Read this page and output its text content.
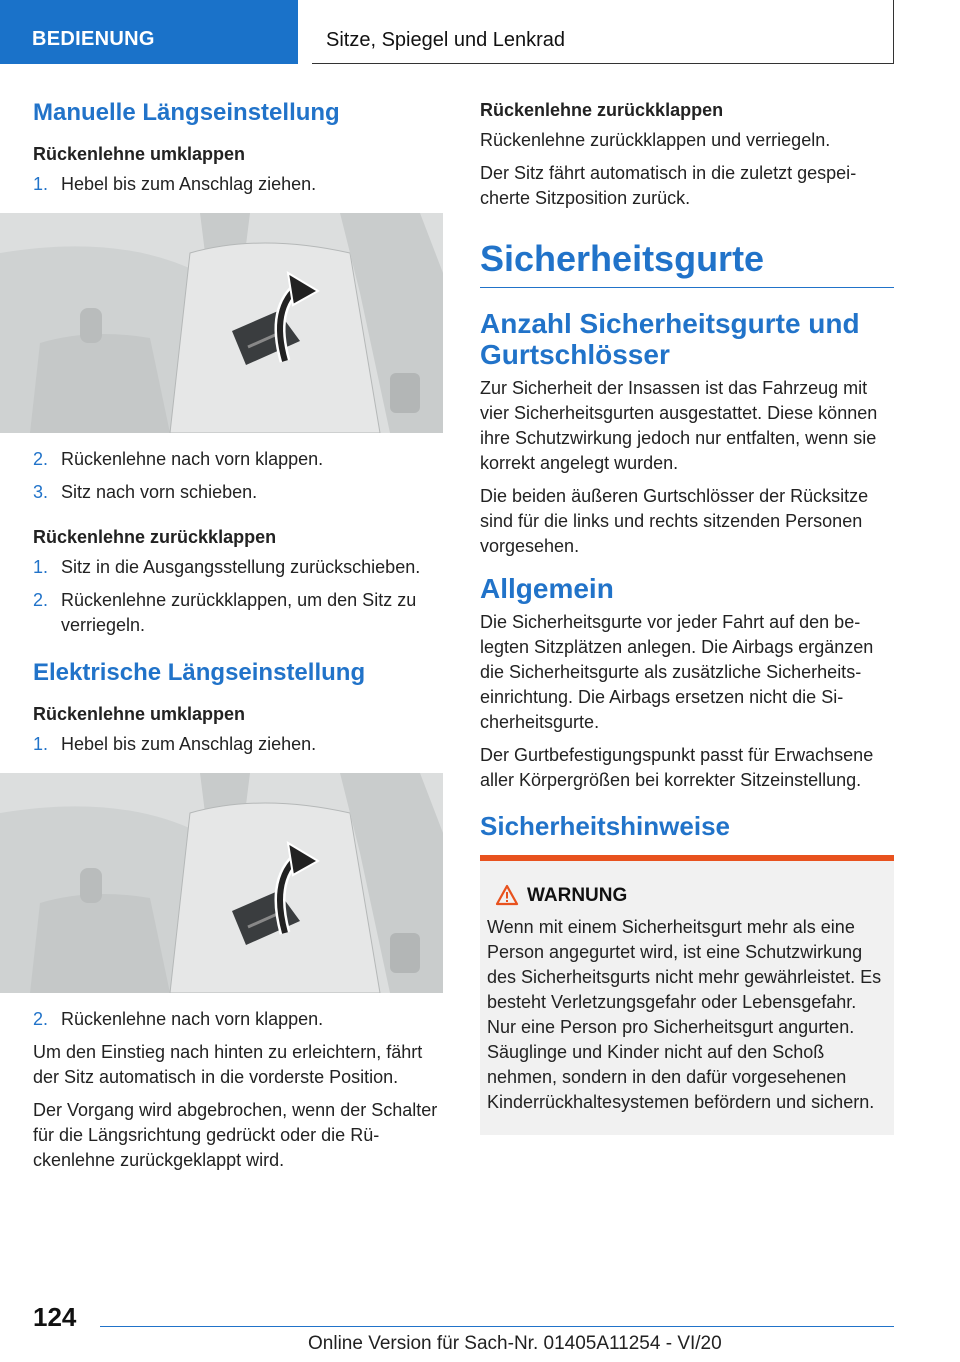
BEDIENUNG	Sitze, Spiegel und Lenkrad
Manuelle Längseinstellung
Rückenlehne umklappen
1. Hebel bis zum Anschlag ziehen.
2. Rückenlehne nach vorn klappen.
3. Sitz nach vorn schieben.
Rückenlehne zurückklappen
1. Sitz in die Ausgangsstellung zurückschieben.
2. Rückenlehne zurückklappen, um den Sitz zu verriegeln.
Elektrische Längseinstellung
Rückenlehne umklappen
1. Hebel bis zum Anschlag ziehen.
2. Rückenlehne nach vorn klappen.

Um den Einstieg nach hinten zu erleichtern, fährt der Sitz automatisch in die vorderste Position.

Der Vorgang wird abgebrochen, wenn der Schalter für die Längsrichtung gedrückt oder die Rückenlehne zurückgeklappt wird.

Rückenlehne zurückklappen

Rückenlehne zurückklappen und verriegeln.

Der Sitz fährt automatisch in die zuletzt gespeicherte Sitzposition zurück.

Sicherheitsgurte
Anzahl Sicherheitsgurte und Gurtschlösser

Zur Sicherheit der Insassen ist das Fahrzeug mit vier Sicherheitsgurten ausgestattet. Diese können ihre Schutzwirkung jedoch nur entfalten, wenn sie korrekt angelegt wurden.

Die beiden äußeren Gurtschlösser der Rücksitze sind für die links und rechts sitzenden Personen vorgesehen.

Allgemein

Die Sicherheitsgurte vor jeder Fahrt auf den belegten Sitzplätzen anlegen. Die Airbags ergänzen die Sicherheitsgurte als zusätzliche Sicherheitseinrichtung. Die Airbags ersetzen nicht die Sicherheitsgurte.

Der Gurtbefestigungspunkt passt für Erwachsene aller Körpergrößen bei korrekter Sitzeinstellung.

Sicherheitshinweise
WARNUNG

Wenn mit einem Sicherheitsgurt mehr als eine Person angegurtet wird, ist eine Schutzwirkung des Sicherheitsgurts nicht mehr gewährleistet. Es besteht Verletzungsgefahr oder Lebensgefahr. Nur eine Person pro Sicherheitsgurt angurten. Säuglinge und Kinder nicht auf den Schoß nehmen, sondern in den dafür vorgesehenen Kinderrückhaltesystemen befördern und sichern.

124
Online Version für Sach-Nr. 01405A11254 - VI/20
